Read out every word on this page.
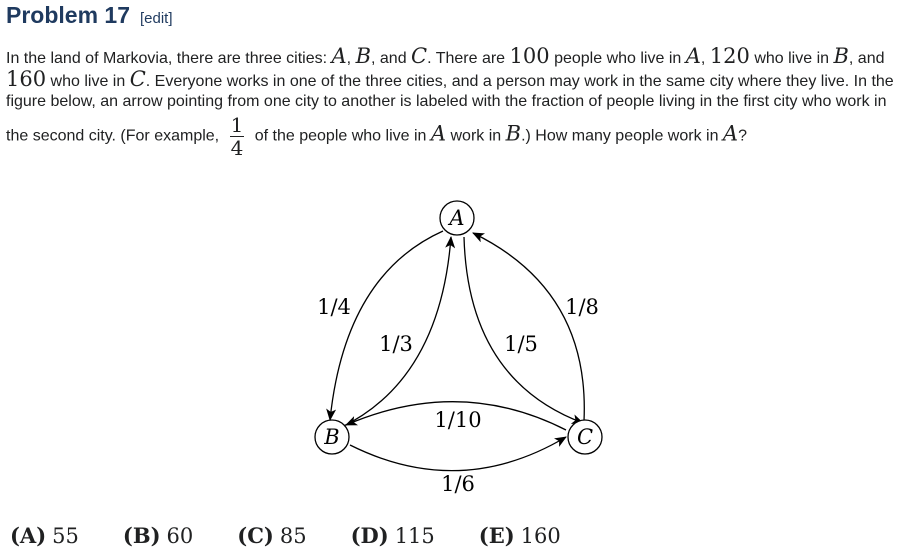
Problem 17 [edit]
In the land of Markovia, there are three cities: A, B, and C. There are 100 people who live in A, 120 who live in B, and
160 who live in C. Everyone works in one of the three cities, and a person may work in the same city where they live. In the
figure below, an arrow pointing from one city to another is labeled with the fraction of people living in the first city who work in
the second city. (For example, $\frac{1}{4}$ of the people who live in A work in B.) How many people work in A?
A
B	C
1/4
1/3	1/5
1/8
1/10
1/6
(A) 55 (B) 60 (C) 85 (D) 115 (E) 160
